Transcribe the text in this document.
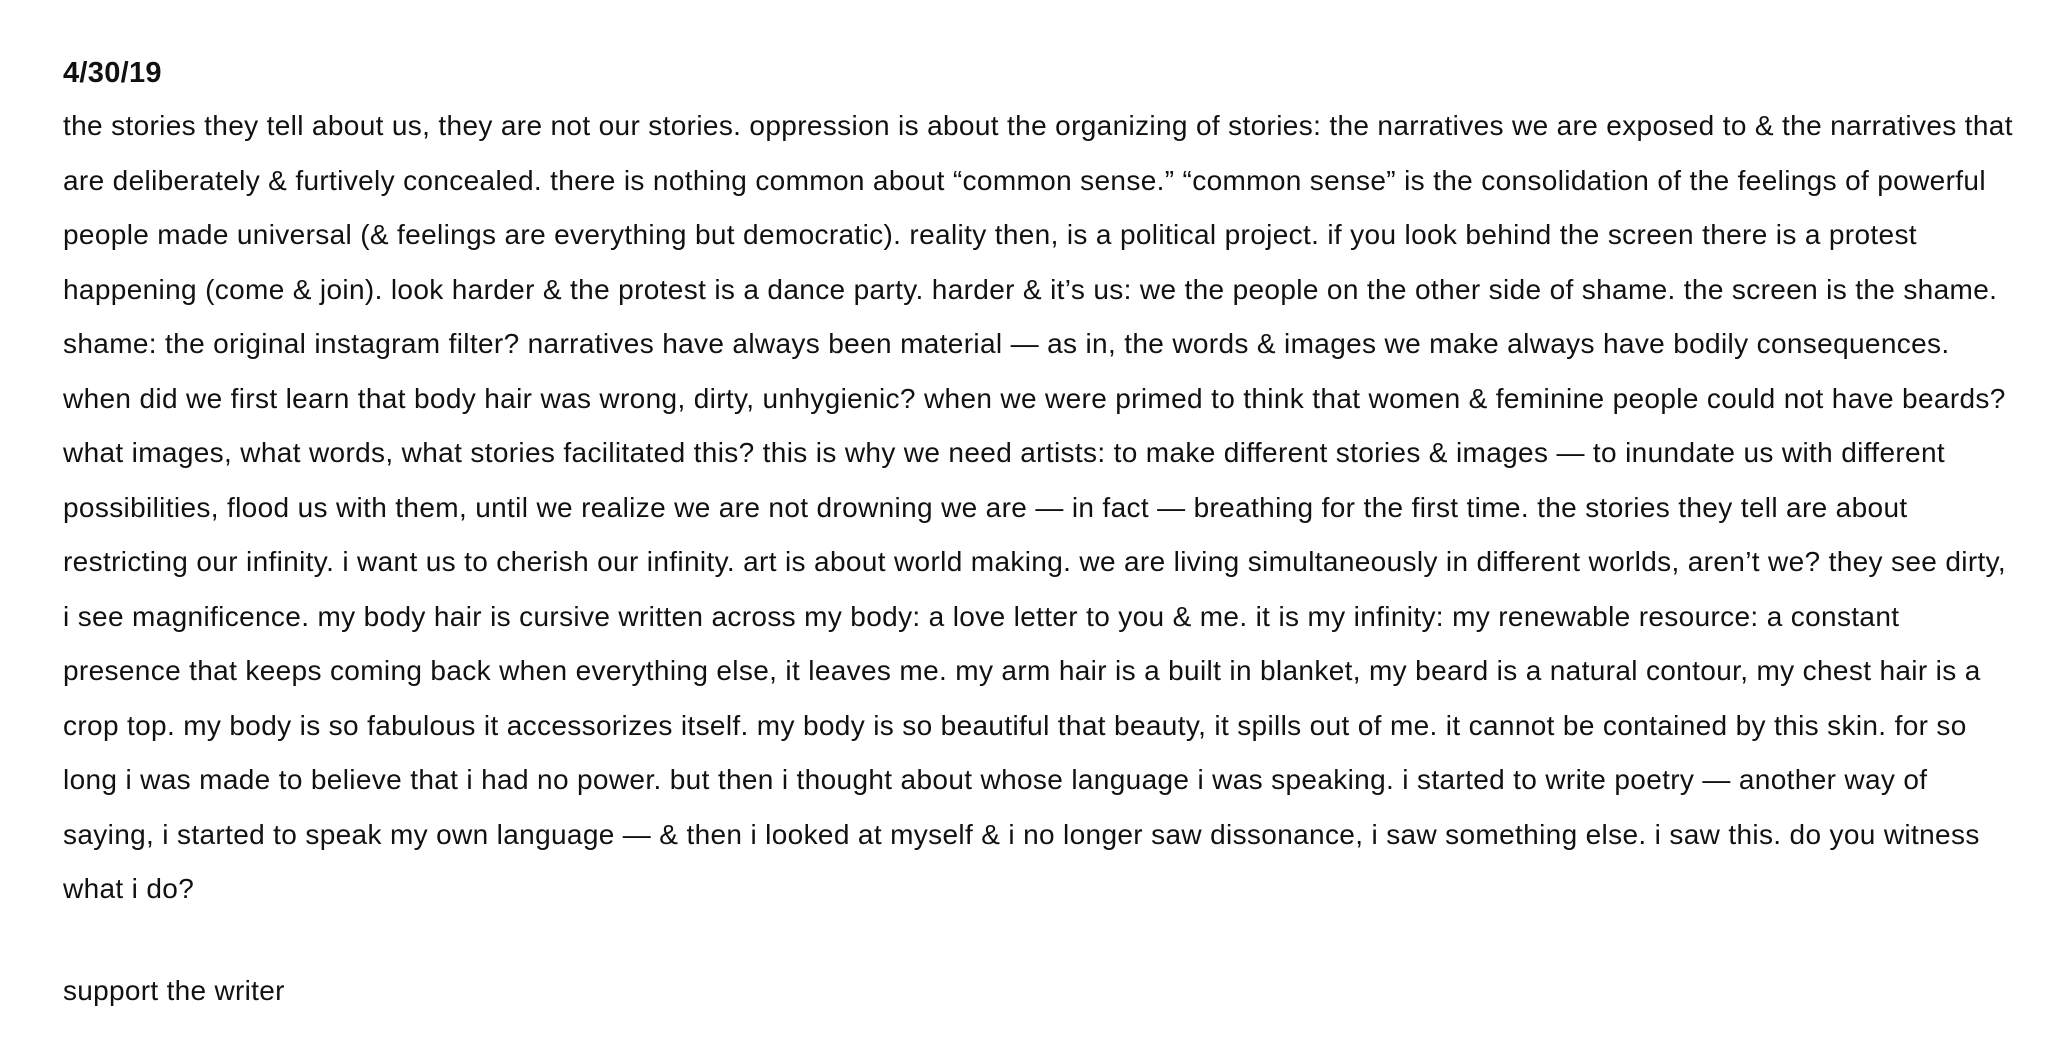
4/30/19

the stories they tell about us, they are not our stories. oppression is about the organizing of stories: the narratives we are exposed to & the narratives that are deliberately & furtively concealed. there is nothing common about “common sense.” “common sense” is the consolidation of the feelings of powerful people made universal (& feelings are everything but democratic). reality then, is a political project. if you look behind the screen there is a protest happening (come & join). look harder & the protest is a dance party. harder & it’s us: we the people on the other side of shame. the screen is the shame. shame: the original instagram filter? narratives have always been material — as in, the words & images we make always have bodily consequences. when did we first learn that body hair was wrong, dirty, unhygienic? when we were primed to think that women & feminine people could not have beards? what images, what words, what stories facilitated this? this is why we need artists: to make different stories & images — to inundate us with different possibilities, flood us with them, until we realize we are not drowning we are — in fact — breathing for the first time. the stories they tell are about restricting our infinity. i want us to cherish our infinity. art is about world making. we are living simultaneously in different worlds, aren’t we? they see dirty, i see magnificence. my body hair is cursive written across my body: a love letter to you & me. it is my infinity: my renewable resource: a constant presence that keeps coming back when everything else, it leaves me. my arm hair is a built in blanket, my beard is a natural contour, my chest hair is a crop top. my body is so fabulous it accessorizes itself. my body is so beautiful that beauty, it spills out of me. it cannot be contained by this skin. for so long i was made to believe that i had no power. but then i thought about whose language i was speaking. i started to write poetry — another way of saying, i started to speak my own language — & then i looked at myself & i no longer saw dissonance, i saw something else. i saw this. do you witness what i do?

support the writer
